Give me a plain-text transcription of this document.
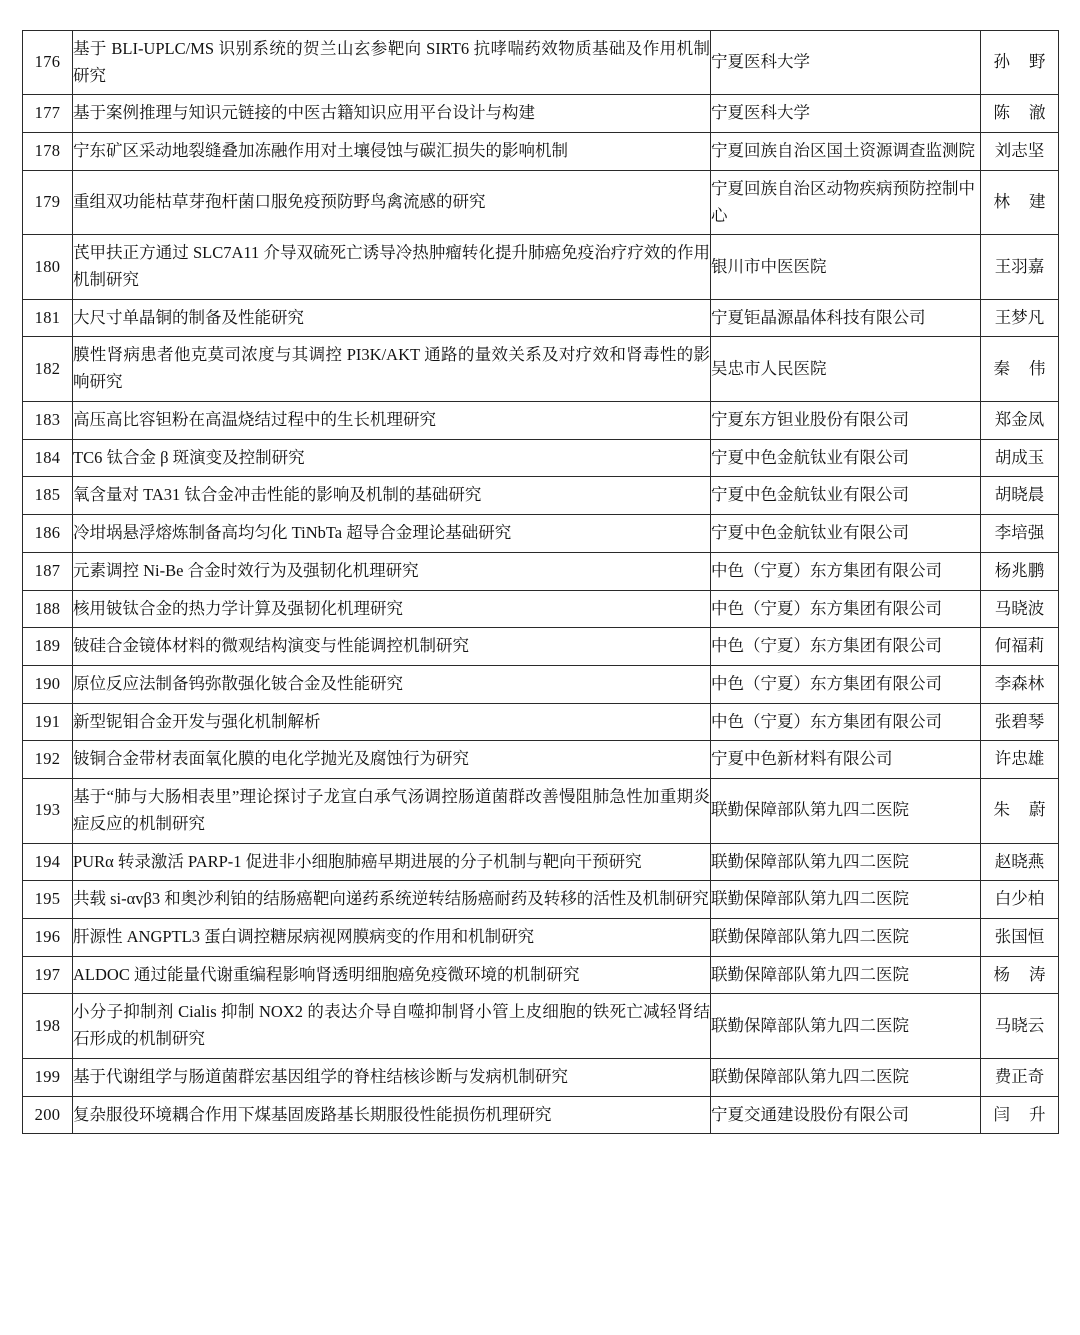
176	基于 BLI-UPLC/MS 识别系统的贺兰山玄参靶向 SIRT6 抗哮喘药效物质基础及作用机制研究	宁夏医科大学	孙 野
177	基于案例推理与知识元链接的中医古籍知识应用平台设计与构建	宁夏医科大学	陈 澈
178	宁东矿区采动地裂缝叠加冻融作用对土壤侵蚀与碳汇损失的影响机制	宁夏回族自治区国土资源调查监测院	刘志坚
179	重组双功能枯草芽孢杆菌口服免疫预防野鸟禽流感的研究	宁夏回族自治区动物疾病预防控制中心	林 建
180	芪甲扶正方通过 SLC7A11 介导双硫死亡诱导冷热肿瘤转化提升肺癌免疫治疗疗效的作用机制研究	银川市中医医院	王羽嘉
181	大尺寸单晶铜的制备及性能研究	宁夏钜晶源晶体科技有限公司	王梦凡
182	膜性肾病患者他克莫司浓度与其调控 PI3K/AKT 通路的量效关系及对疗效和肾毒性的影响研究	吴忠市人民医院	秦 伟
183	高压高比容钽粉在高温烧结过程中的生长机理研究	宁夏东方钽业股份有限公司	郑金凤
184	TC6 钛合金 β 斑演变及控制研究	宁夏中色金航钛业有限公司	胡成玉
185	氧含量对 TA31 钛合金冲击性能的影响及机制的基础研究	宁夏中色金航钛业有限公司	胡晓晨
186	冷坩埚悬浮熔炼制备高均匀化 TiNbTa 超导合金理论基础研究	宁夏中色金航钛业有限公司	李培强
187	元素调控 Ni-Be 合金时效行为及强韧化机理研究	中色（宁夏）东方集团有限公司	杨兆鹏
188	核用铍钛合金的热力学计算及强韧化机理研究	中色（宁夏）东方集团有限公司	马晓波
189	铍硅合金镜体材料的微观结构演变与性能调控机制研究	中色（宁夏）东方集团有限公司	何福莉
190	原位反应法制备钨弥散强化铍合金及性能研究	中色（宁夏）东方集团有限公司	李森林
191	新型铌钼合金开发与强化机制解析	中色（宁夏）东方集团有限公司	张碧琴
192	铍铜合金带材表面氧化膜的电化学抛光及腐蚀行为研究	宁夏中色新材料有限公司	许忠雄
193	基于“肺与大肠相表里”理论探讨子龙宣白承气汤调控肠道菌群改善慢阻肺急性加重期炎症反应的机制研究	联勤保障部队第九四二医院	朱 蔚
194	PURα 转录激活 PARP-1 促进非小细胞肺癌早期进展的分子机制与靶向干预研究	联勤保障部队第九四二医院	赵晓燕
195	共载 si-αvβ3 和奥沙利铂的结肠癌靶向递药系统逆转结肠癌耐药及转移的活性及机制研究	联勤保障部队第九四二医院	白少柏
196	肝源性 ANGPTL3 蛋白调控糖尿病视网膜病变的作用和机制研究	联勤保障部队第九四二医院	张国恒
197	ALDOC 通过能量代谢重编程影响肾透明细胞癌免疫微环境的机制研究	联勤保障部队第九四二医院	杨 涛
198	小分子抑制剂 Cialis 抑制 NOX2 的表达介导自噬抑制肾小管上皮细胞的铁死亡减轻肾结石形成的机制研究	联勤保障部队第九四二医院	马晓云
199	基于代谢组学与肠道菌群宏基因组学的脊柱结核诊断与发病机制研究	联勤保障部队第九四二医院	费正奇
200	复杂服役环境耦合作用下煤基固废路基长期服役性能损伤机理研究	宁夏交通建设股份有限公司	闫 升
